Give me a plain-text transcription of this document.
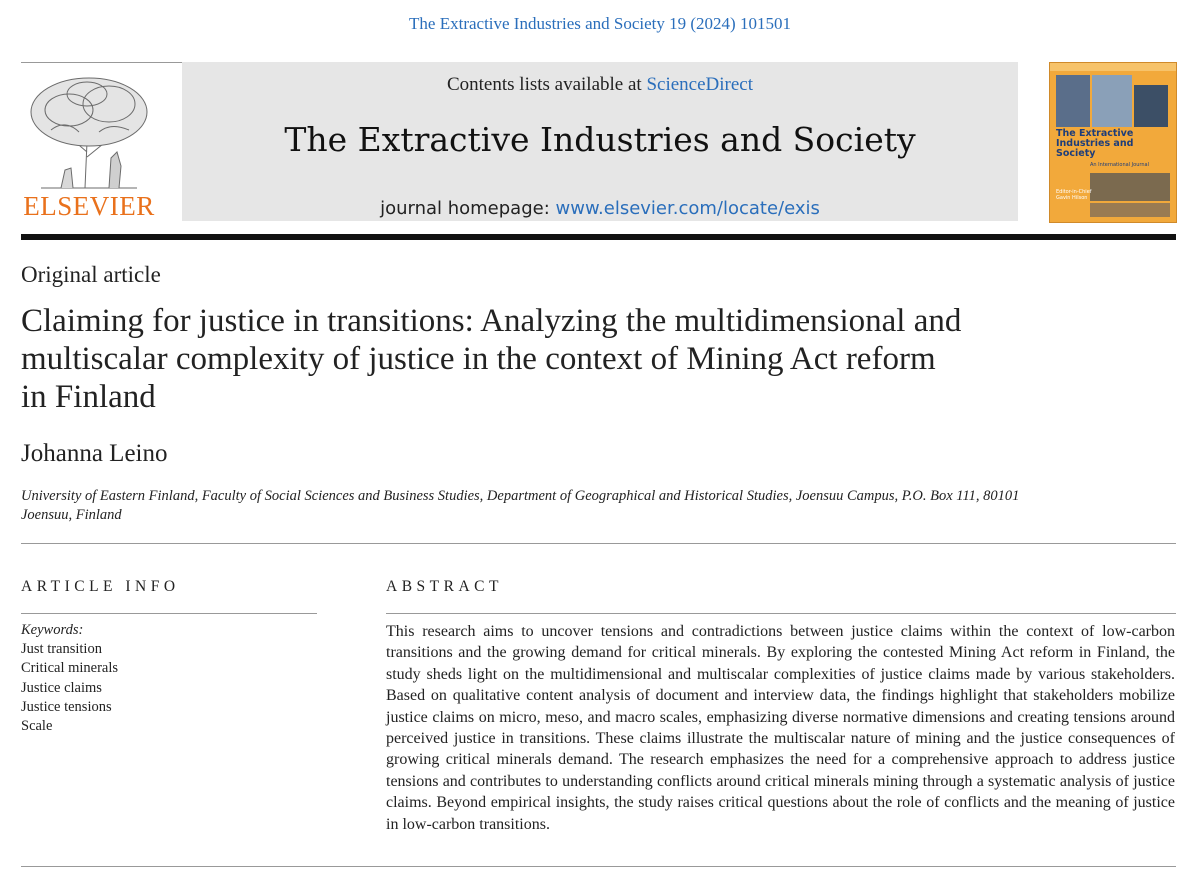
The Extractive Industries and Society 19 (2024) 101501
ELSEVIER
Contents lists available at ScienceDirect
The Extractive Industries and Society
journal homepage: www.elsevier.com/locate/exis
The Extractive Industries and Society
An International Journal
Editor-in-Chief
Gavin Hilson
Original article
Claiming for justice in transitions: Analyzing the multidimensional and
multiscalar complexity of justice in the context of Mining Act reform
in Finland
Johanna Leino
University of Eastern Finland, Faculty of Social Sciences and Business Studies, Department of Geographical and Historical Studies, Joensuu Campus, P.O. Box 111, 80101 Joensuu, Finland
ARTICLE INFO
Keywords:
Just transition
Critical minerals
Justice claims
Justice tensions
Scale
ABSTRACT
This research aims to uncover tensions and contradictions between justice claims within the context of low-carbon transitions and the growing demand for critical minerals. By exploring the contested Mining Act reform in Finland, the study sheds light on the multidimensional and multiscalar complexities of justice claims made by various stakeholders. Based on qualitative content analysis of document and interview data, the findings highlight that stakeholders mobilize justice claims on micro, meso, and macro scales, emphasizing diverse normative dimensions and creating tensions around perceived justice in transitions. These claims illustrate the multiscalar nature of mining and the justice consequences of growing critical minerals demand. The research emphasizes the need for a comprehensive approach to address justice tensions and contributes to understanding conflicts around critical minerals mining through a systematic analysis of justice claims. Beyond empirical insights, the study raises critical questions about the role of conflicts and the meaning of justice in low-carbon transitions.
